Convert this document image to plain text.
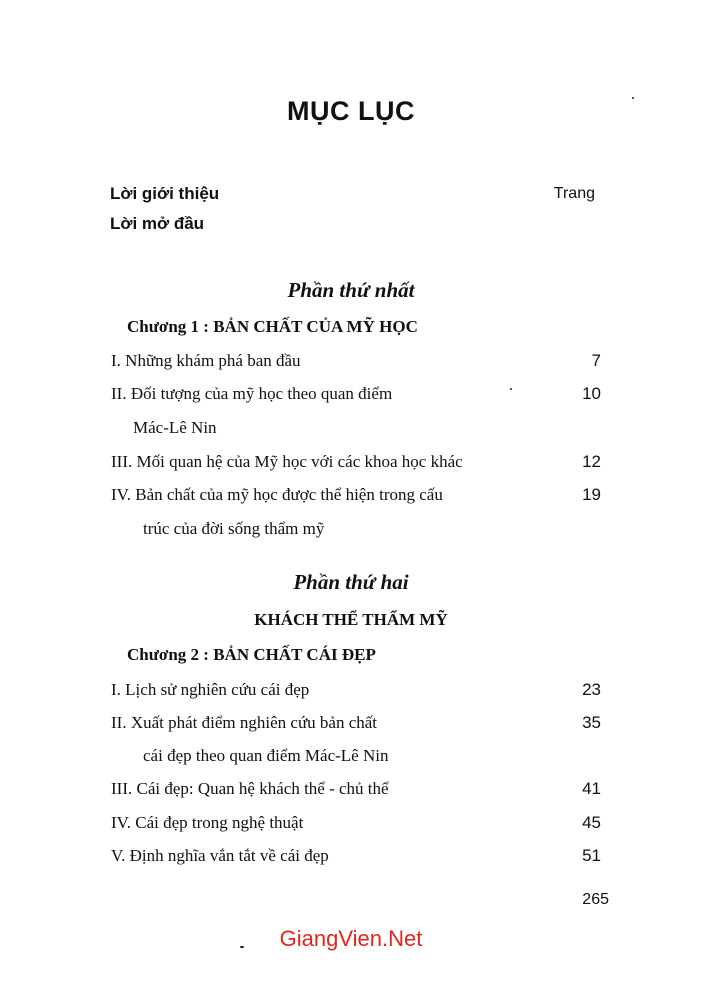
MỤC LỤC
Lời giới thiệu	Trang
Lời mở đầu
Phần thứ nhất
Chương 1 : BẢN CHẤT CỦA MỸ HỌC
I. Những khám phá ban đầu	7
II. Đối tượng của mỹ học theo quan điểm	10
Mác-Lê Nin
III. Mối quan hệ của Mỹ học với các khoa học khác	12
IV. Bản chất của mỹ học được thể hiện trong cấu	19
trúc của đời sống thẩm mỹ
Phần thứ hai
KHÁCH THỂ THẨM MỸ
Chương 2 : BẢN CHẤT CÁI ĐẸP
I. Lịch sử nghiên cứu cái đẹp	23
II. Xuất phát điểm nghiên cứu bản chất	35
cái đẹp theo quan điểm Mác-Lê Nin
III. Cái đẹp: Quan hệ khách thể - chủ thể	41
IV. Cái đẹp trong nghệ thuật	45
V. Định nghĩa vắn tắt về cái đẹp	51
265
GiangVien.Net
